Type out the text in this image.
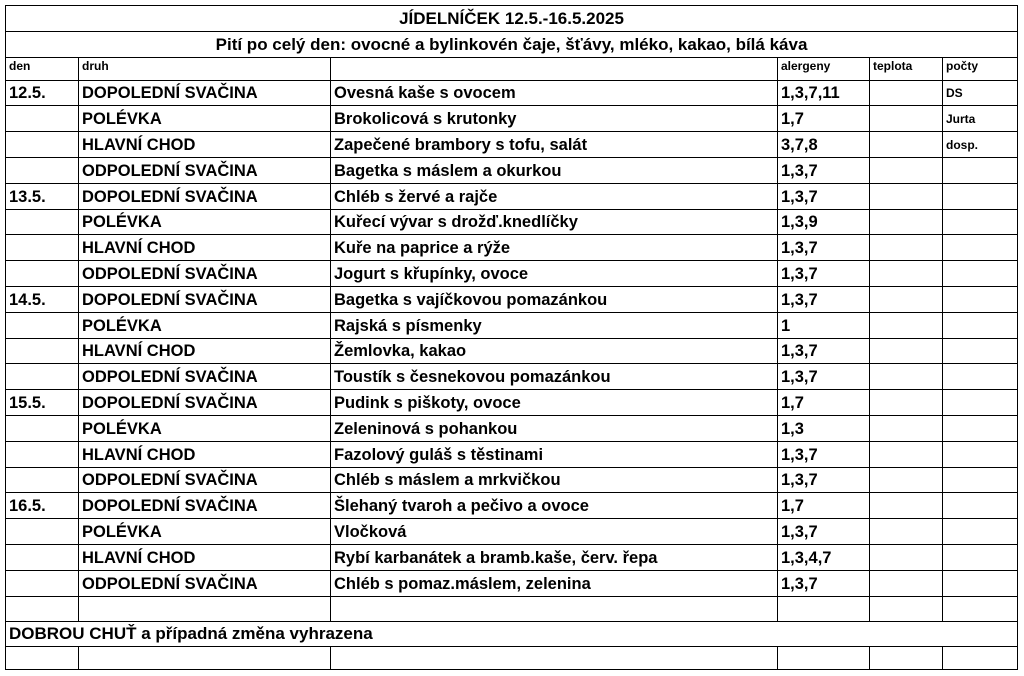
JÍDELNÍČEK 12.5.-16.5.2025					
Pití po celý den: ovocné a bylinkovén čaje, šťávy, mléko, kakao, bílá káva					
den	druh		alergeny	teplota	počty
12.5.	DOPOLEDNÍ SVAČINA	Ovesná kaše s ovocem	1,3,7,11		DS
	POLÉVKA	Brokolicová s krutonky	1,7		Jurta
	HLAVNÍ CHOD	Zapečené brambory s tofu, salát	3,7,8		dosp.
	ODPOLEDNÍ SVAČINA	Bagetka s máslem a okurkou	1,3,7		
13.5.	DOPOLEDNÍ SVAČINA	Chléb s žervé a rajče	1,3,7		
	POLÉVKA	Kuřecí vývar s drožď.knedlíčky	1,3,9		
	HLAVNÍ CHOD	Kuře na paprice a rýže	1,3,7		
	ODPOLEDNÍ SVAČINA	Jogurt s křupínky, ovoce	1,3,7		
14.5.	DOPOLEDNÍ SVAČINA	Bagetka s vajíčkovou pomazánkou	1,3,7		
	POLÉVKA	Rajská s písmenky	1		
	HLAVNÍ CHOD	Žemlovka, kakao	1,3,7		
	ODPOLEDNÍ SVAČINA	Toustík s česnekovou pomazánkou	1,3,7		
15.5.	DOPOLEDNÍ SVAČINA	Pudink s piškoty, ovoce	1,7		
	POLÉVKA	Zeleninová s pohankou	1,3		
	HLAVNÍ CHOD	Fazolový guláš s těstinami	1,3,7		
	ODPOLEDNÍ SVAČINA	Chléb s máslem a mrkvičkou	1,3,7		
16.5.	DOPOLEDNÍ SVAČINA	Šlehaný tvaroh a pečivo a ovoce	1,7		
	POLÉVKA	Vločková	1,3,7		
	HLAVNÍ CHOD	Rybí karbanátek a bramb.kaše, červ. řepa	1,3,4,7		
	ODPOLEDNÍ SVAČINA	Chléb s pomaz.máslem, zelenina	1,3,7		

DOBROU CHUŤ a případná změna vyhrazena					
